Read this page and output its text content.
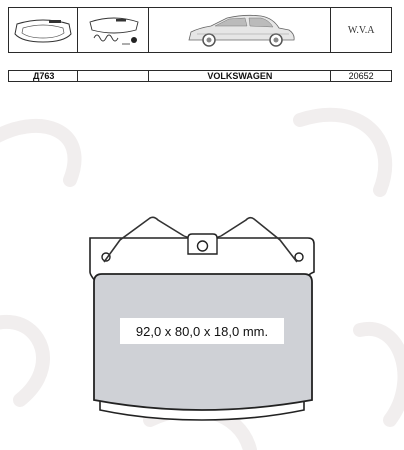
W.V.A
Д763	VOLKSWAGEN	20652
92,0 x 80,0 x 18,0 mm.
